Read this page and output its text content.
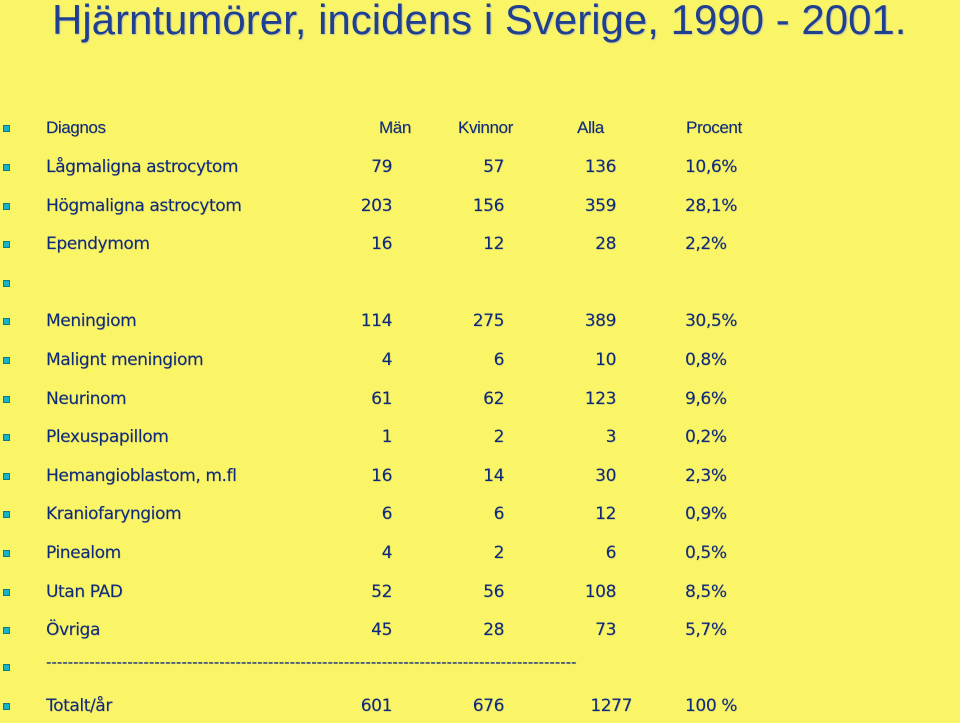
Hjärntumörer, incidens i Sverige, 1990 - 2001.
Diagnos	Män	Kvinnor	Alla	Procent
Lågmaligna astrocytom	79	57	136	10,6%
Högmaligna astrocytom	203	156	359	28,1%
Ependymom	16	12	28	2,2%
Meningiom	114	275	389	30,5%
Malignt meningiom	4	6	10	0,8%
Neurinom	61	62	123	9,6%
Plexuspapillom	1	2	3	0,2%
Hemangioblastom, m.fl	16	14	30	2,3%
Kraniofaryngiom	6	6	12	0,9%
Pinealom	4	2	6	0,5%
Utan PAD	52	56	108	8,5%
Övriga	45	28	73	5,7%
--------------------------------------------------------------------------------------------------
Totalt/år	601	676	1277	100 %
